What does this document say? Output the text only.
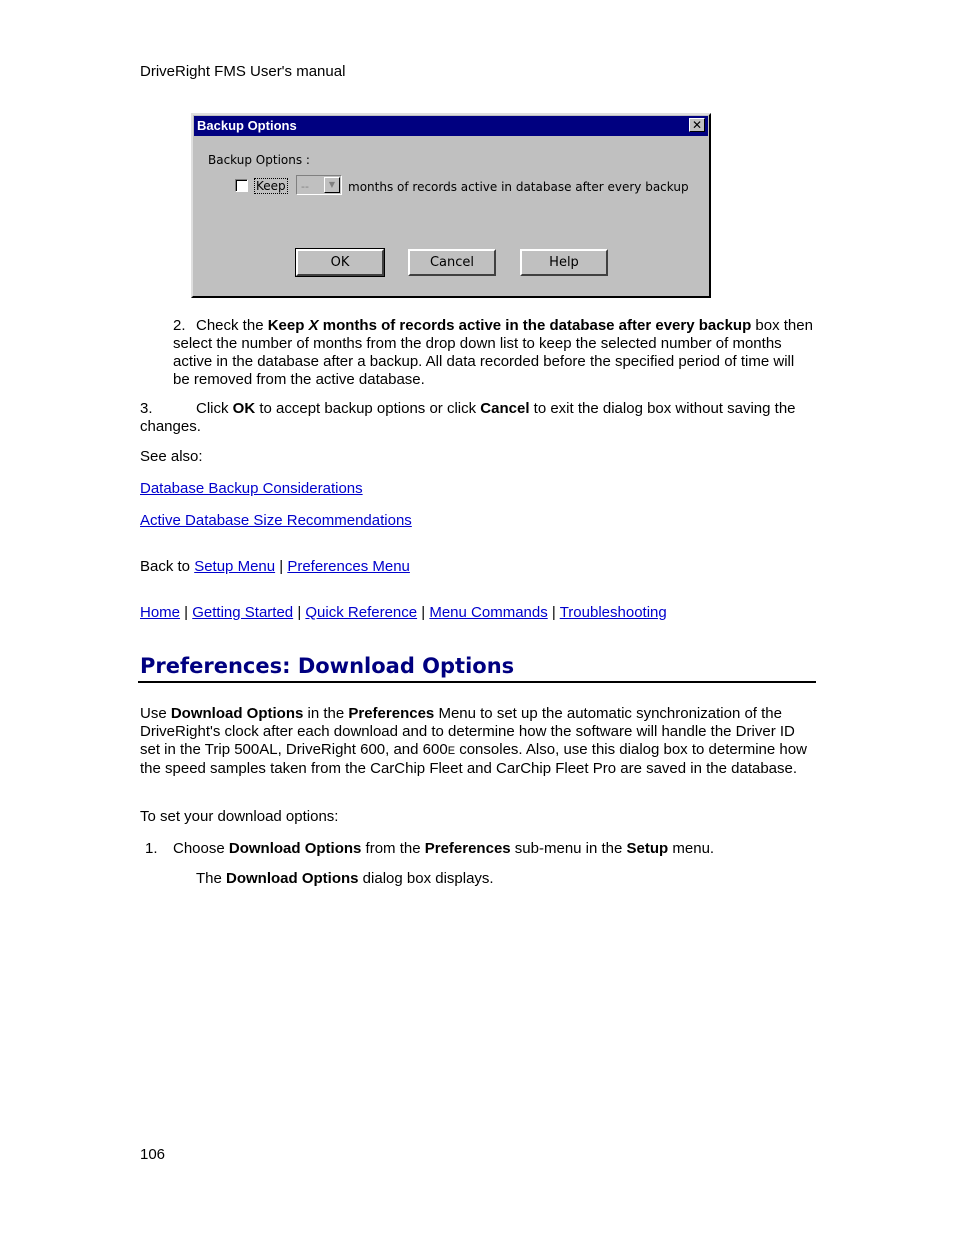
DriveRight FMS User's manual
Backup Options	✕
Backup Options :
Keep --	▼	months of records active in database after every backup
OK	Cancel	Help
2. Check the Keep X months of records active in the database after every backup box then select the number of months from the drop down list to keep the selected number of months active in the database after a backup. All data recorded before the specified period of time will be removed from the active database.
3.	Click OK to accept backup options or click Cancel to exit the dialog box without saving the changes.
See also:
Database Backup Considerations
Active Database Size Recommendations
Back to Setup Menu | Preferences Menu
Home | Getting Started | Quick Reference | Menu Commands | Troubleshooting
Preferences: Download Options
Use Download Options in the Preferences Menu to set up the automatic synchronization of the DriveRight's clock after each download and to determine how the software will handle the Driver ID set in the Trip 500AL, DriveRight 600, and 600E consoles. Also, use this dialog box to determine how the speed samples taken from the CarChip Fleet and CarChip Fleet Pro are saved in the database.
To set your download options:
1. Choose Download Options from the Preferences sub-menu in the Setup menu.
The Download Options dialog box displays.
106
